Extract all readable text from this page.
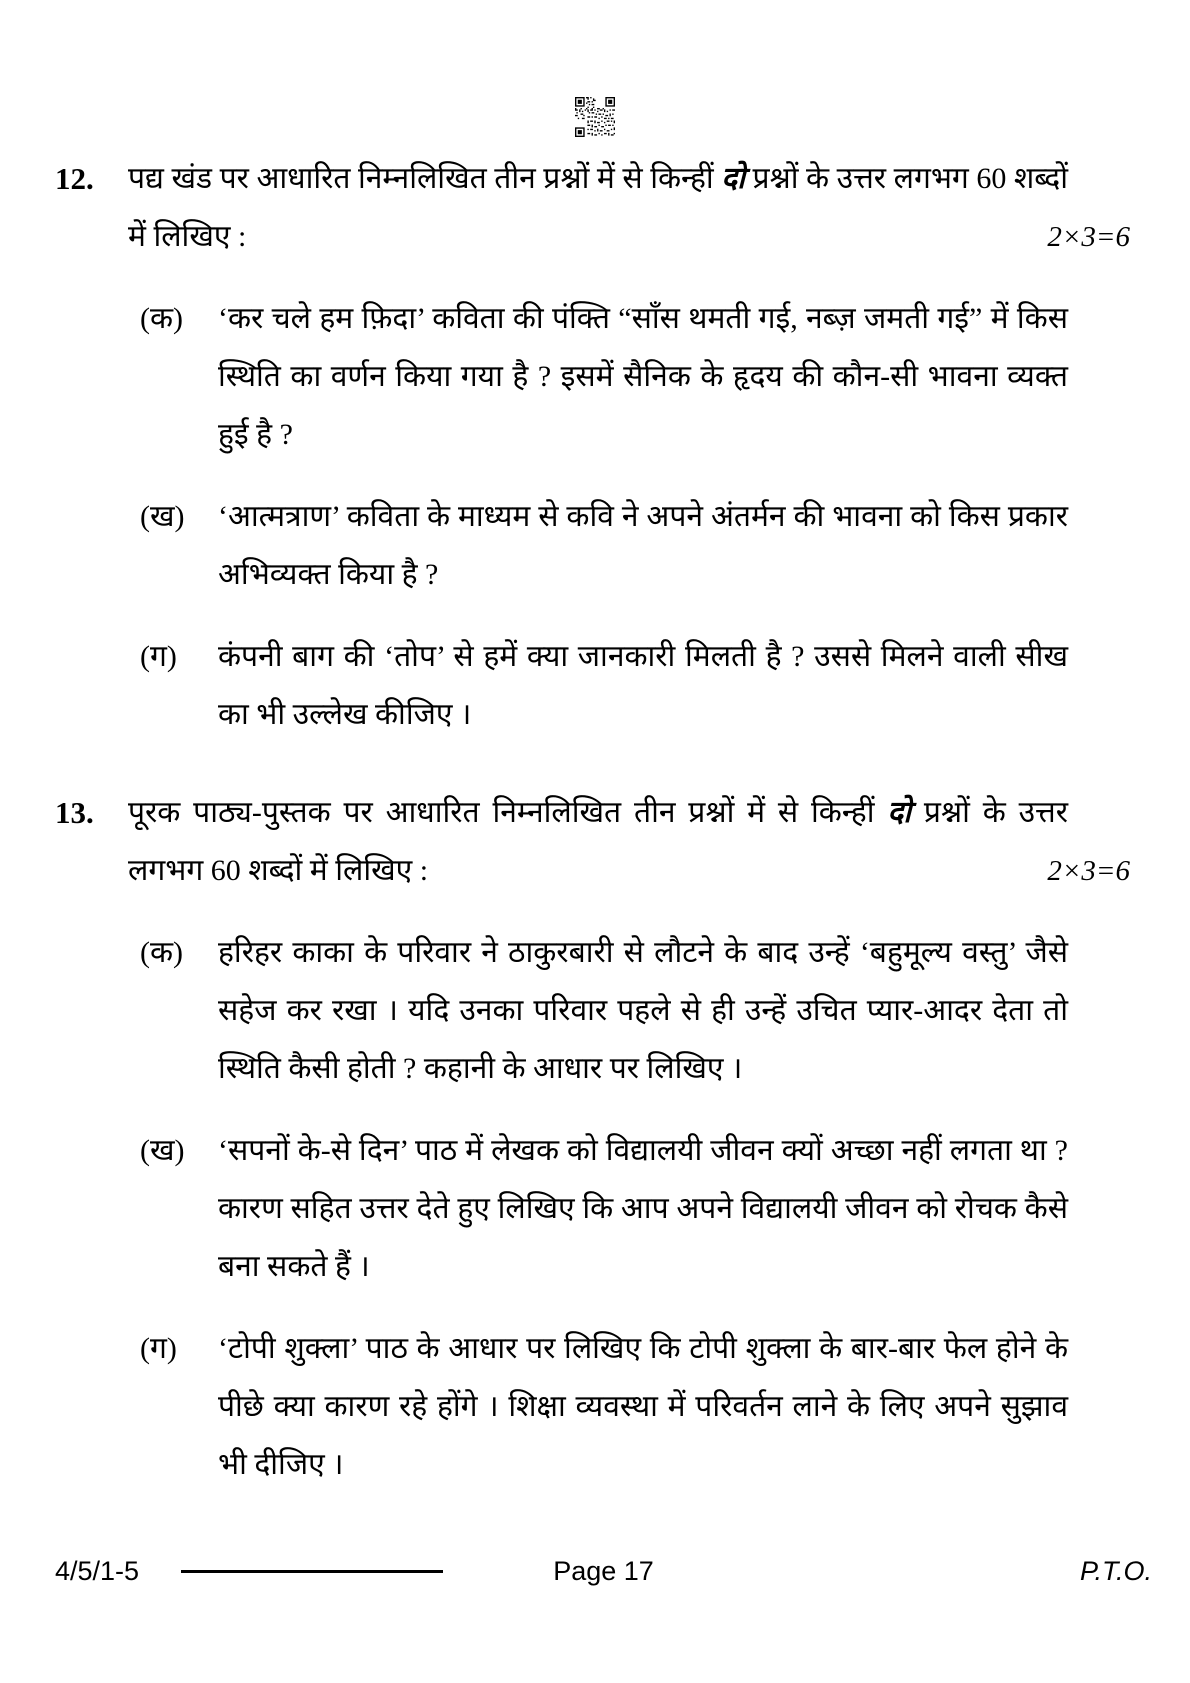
12.	पद्य खंड पर आधारित निम्नलिखित तीन प्रश्नों में से किन्हीं दो प्रश्नों के उत्तर लगभग 60 शब्दों में लिखिए :	2×3=6
(क)	‘कर चले हम फ़िदा’ कविता की पंक्ति “साँस थमती गई, नब्ज़ जमती गई” में किस स्थिति का वर्णन किया गया है ? इसमें सैनिक के हृदय की कौन-सी भावना व्यक्त हुई है ?

(ख)	‘आत्मत्राण’ कविता के माध्यम से कवि ने अपने अंतर्मन की भावना को किस प्रकार अभिव्यक्त किया है ?

(ग)	कंपनी बाग की ‘तोप’ से हमें क्या जानकारी मिलती है ? उससे मिलने वाली सीख का भी उल्लेख कीजिए ।

13.	पूरक पाठ्य-पुस्तक पर आधारित निम्नलिखित तीन प्रश्नों में से किन्हीं दो प्रश्नों के उत्तर लगभग 60 शब्दों में लिखिए :	2×3=6
(क)	हरिहर काका के परिवार ने ठाकुरबारी से लौटने के बाद उन्हें ‘बहुमूल्य वस्तु’ जैसे सहेज कर रखा । यदि उनका परिवार पहले से ही उन्हें उचित प्यार-आदर देता तो स्थिति कैसी होती ? कहानी के आधार पर लिखिए ।

(ख)	‘सपनों के-से दिन’ पाठ में लेखक को विद्यालयी जीवन क्यों अच्छा नहीं लगता था ? कारण सहित उत्तर देते हुए लिखिए कि आप अपने विद्यालयी जीवन को रोचक कैसे बना सकते हैं ।

(ग)	‘टोपी शुक्ला’ पाठ के आधार पर लिखिए कि टोपी शुक्ला के बार-बार फेल होने के पीछे क्या कारण रहे होंगे । शिक्षा व्यवस्था में परिवर्तन लाने के लिए अपने सुझाव भी दीजिए ।

4/5/1-5	Page 17	P.T.O.
